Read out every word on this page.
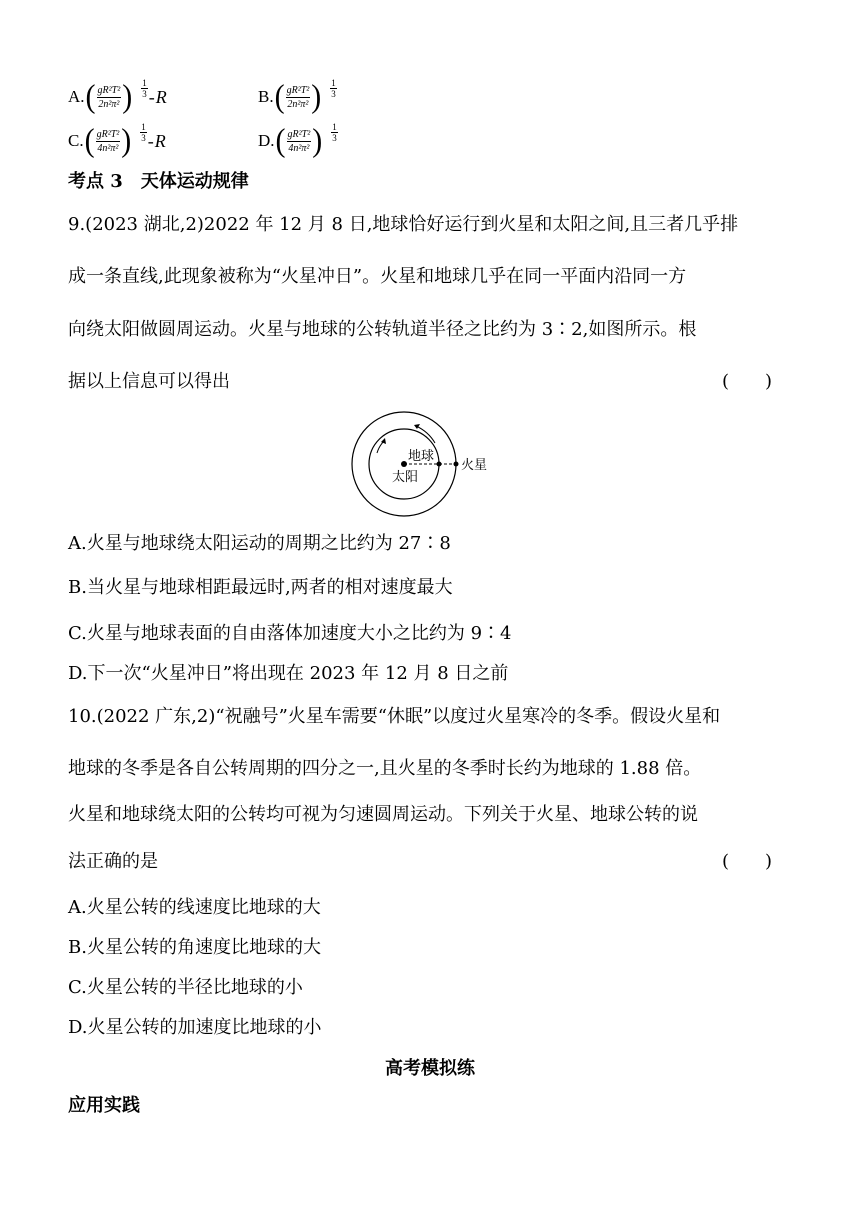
A. ( $\frac{\text{gR²T²}}{\text{2n²π²}}$ ) $\frac{1}{3}$ - R	B. ( $\frac{\text{gR²T²}}{\text{2n²π²}}$ ) $\frac{1}{3}$
C. ( $\frac{\text{gR²T²}}{\text{4n²π²}}$ ) $\frac{1}{3}$ - R	D. ( $\frac{\text{gR²T²}}{\text{4n²π²}}$ ) $\frac{1}{3}$
考点 3　天体运动规律
9.(2023 湖北,2)2022 年 12 月 8 日,地球恰好运行到火星和太阳之间,且三者几乎排
成一条直线,此现象被称为“火星冲日”。火星和地球几乎在同一平面内沿同一方
向绕太阳做圆周运动。火星与地球的公转轨道半径之比约为 3∶2,如图所示。根
据以上信息可以得出	(　　)
地球
太阳
火星
A.火星与地球绕太阳运动的周期之比约为 27∶8
B.当火星与地球相距最远时,两者的相对速度最大
C.火星与地球表面的自由落体加速度大小之比约为 9∶4
D.下一次“火星冲日”将出现在 2023 年 12 月 8 日之前
10.(2022 广东,2)“祝融号”火星车需要“休眠”以度过火星寒冷的冬季。假设火星和
地球的冬季是各自公转周期的四分之一,且火星的冬季时长约为地球的 1.88 倍。
火星和地球绕太阳的公转均可视为匀速圆周运动。下列关于火星、地球公转的说
法正确的是	(　　)
A.火星公转的线速度比地球的大
B.火星公转的角速度比地球的大
C.火星公转的半径比地球的小
D.火星公转的加速度比地球的小
高考模拟练
应用实践
